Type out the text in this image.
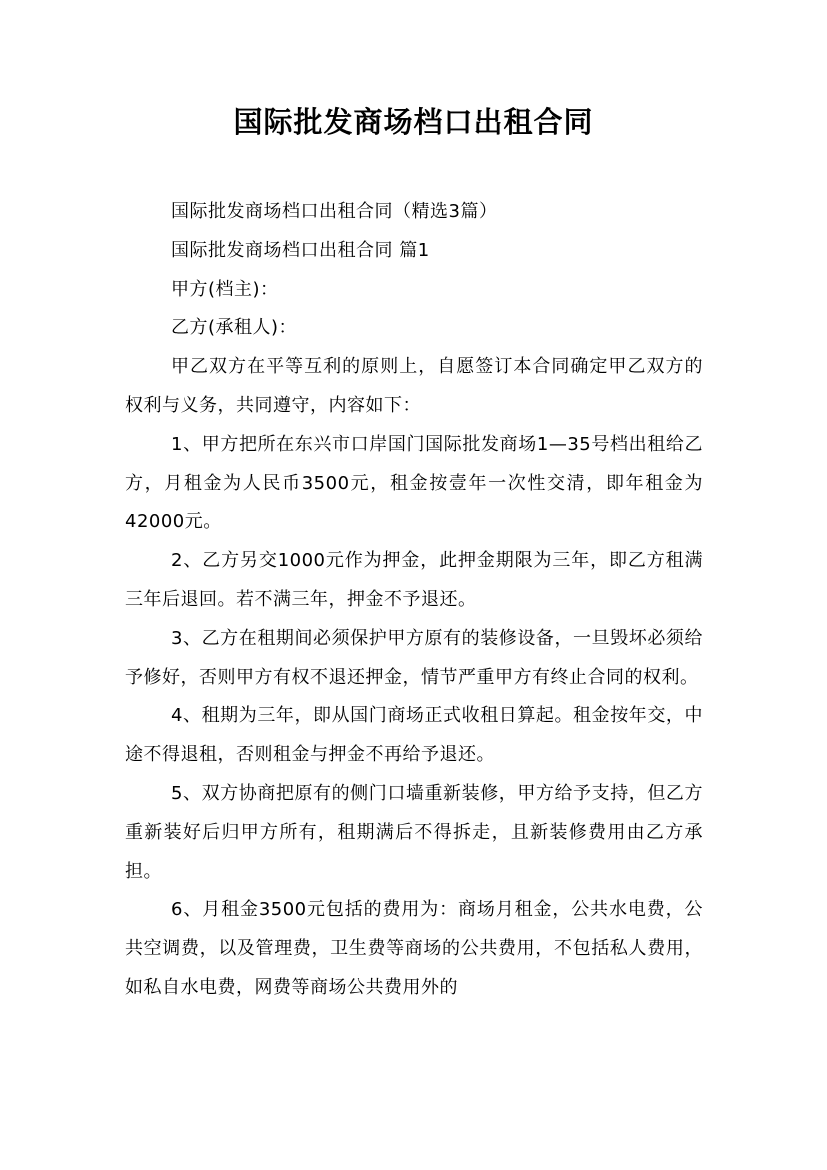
国际批发商场档口出租合同

国际批发商场档口出租合同（精选3篇）

国际批发商场档口出租合同 篇1

甲方(档主)：

乙方(承租人)：

甲乙双方在平等互利的原则上，自愿签订本合同确定甲乙双方的权利与义务，共同遵守，内容如下：

1、甲方把所在东兴市口岸国门国际批发商场1—35号档出租给乙方，月租金为人民币3500元，租金按壹年一次性交清，即年租金为42000元。

2、乙方另交1000元作为押金，此押金期限为三年，即乙方租满三年后退回。若不满三年，押金不予退还。

3、乙方在租期间必须保护甲方原有的装修设备，一旦毁坏必须给予修好，否则甲方有权不退还押金，情节严重甲方有终止合同的权利。

4、租期为三年，即从国门商场正式收租日算起。租金按年交，中途不得退租，否则租金与押金不再给予退还。

5、双方协商把原有的侧门口墙重新装修，甲方给予支持，但乙方重新装好后归甲方所有，租期满后不得拆走，且新装修费用由乙方承担。

6、月租金3500元包括的费用为：商场月租金，公共水电费，公共空调费，以及管理费，卫生费等商场的公共费用，不包括私人费用，如私自水电费，网费等商场公共费用外的
